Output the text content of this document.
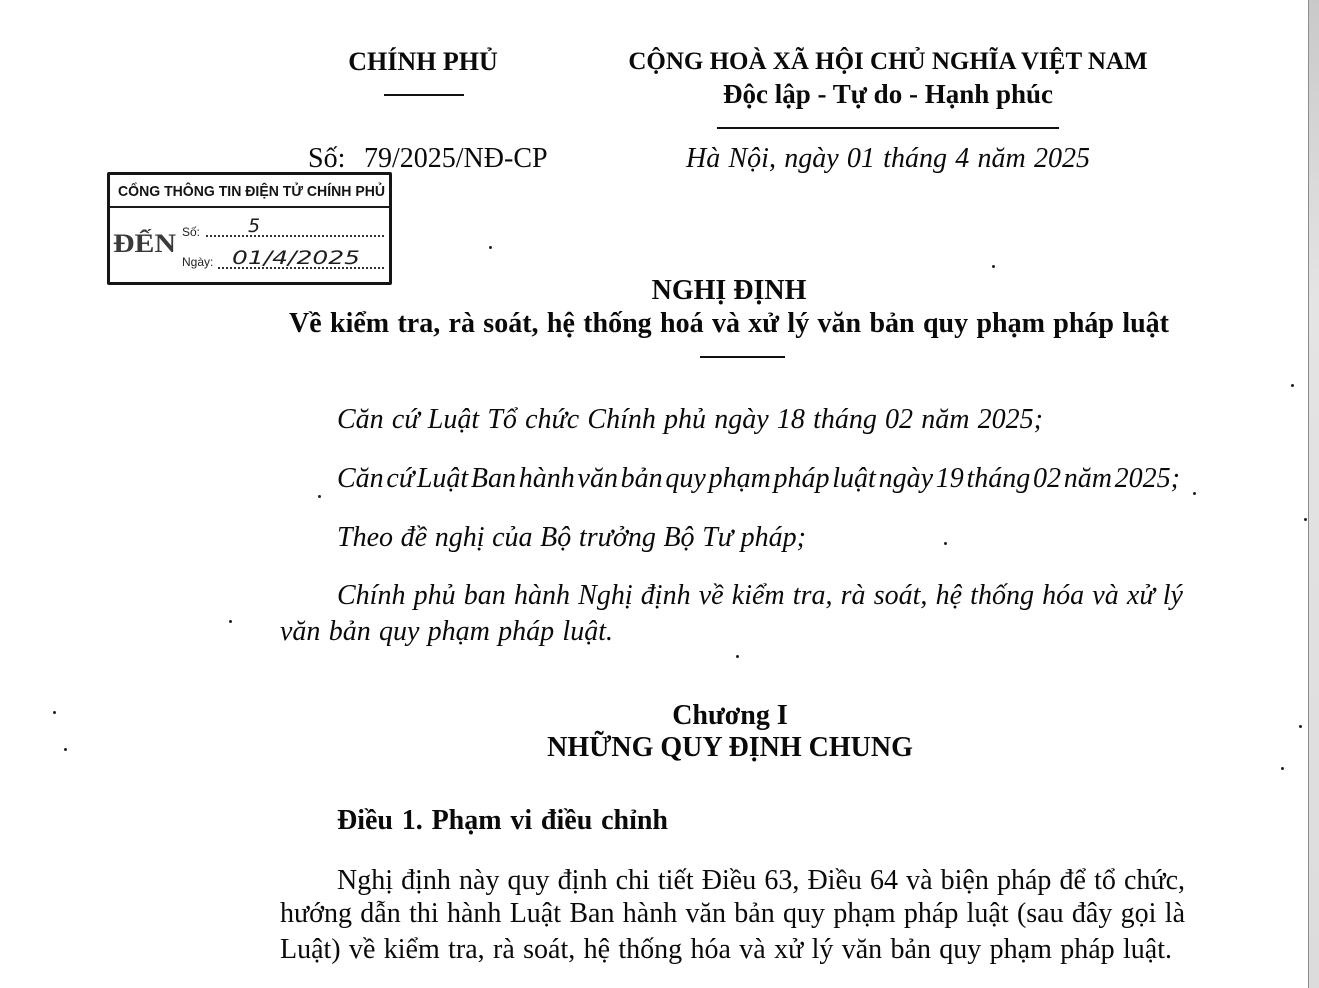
CHÍNH PHỦ	CỘNG HOÀ XÃ HỘI CHỦ NGHĨA VIỆT NAM
Độc lập - Tự do - Hạnh phúc
Số: 79/2025/NĐ-CP	Hà Nội, ngày 01 tháng 4 năm 2025
CỔNG THÔNG TIN ĐIỆN TỬ CHÍNH PHỦ
ĐẾN Số:	5
Ngày: 01/4/2025
NGHỊ ĐỊNH
Về kiểm tra, rà soát, hệ thống hoá và xử lý văn bản quy phạm pháp luật
Căn cứ Luật Tổ chức Chính phủ ngày 18 tháng 02 năm 2025;
Căn cứ Luật Ban hành văn bản quy phạm pháp luật ngày 19 tháng 02 năm 2025;
Theo đề nghị của Bộ trưởng Bộ Tư pháp;
Chính phủ ban hành Nghị định về kiểm tra, rà soát, hệ thống hóa và xử lý
văn bản quy phạm pháp luật.
Chương I
NHỮNG QUY ĐỊNH CHUNG
Điều 1. Phạm vi điều chỉnh
Nghị định này quy định chi tiết Điều 63, Điều 64 và biện pháp để tổ chức,
hướng dẫn thi hành Luật Ban hành văn bản quy phạm pháp luật (sau đây gọi là
Luật) về kiểm tra, rà soát, hệ thống hóa và xử lý văn bản quy phạm pháp luật.
